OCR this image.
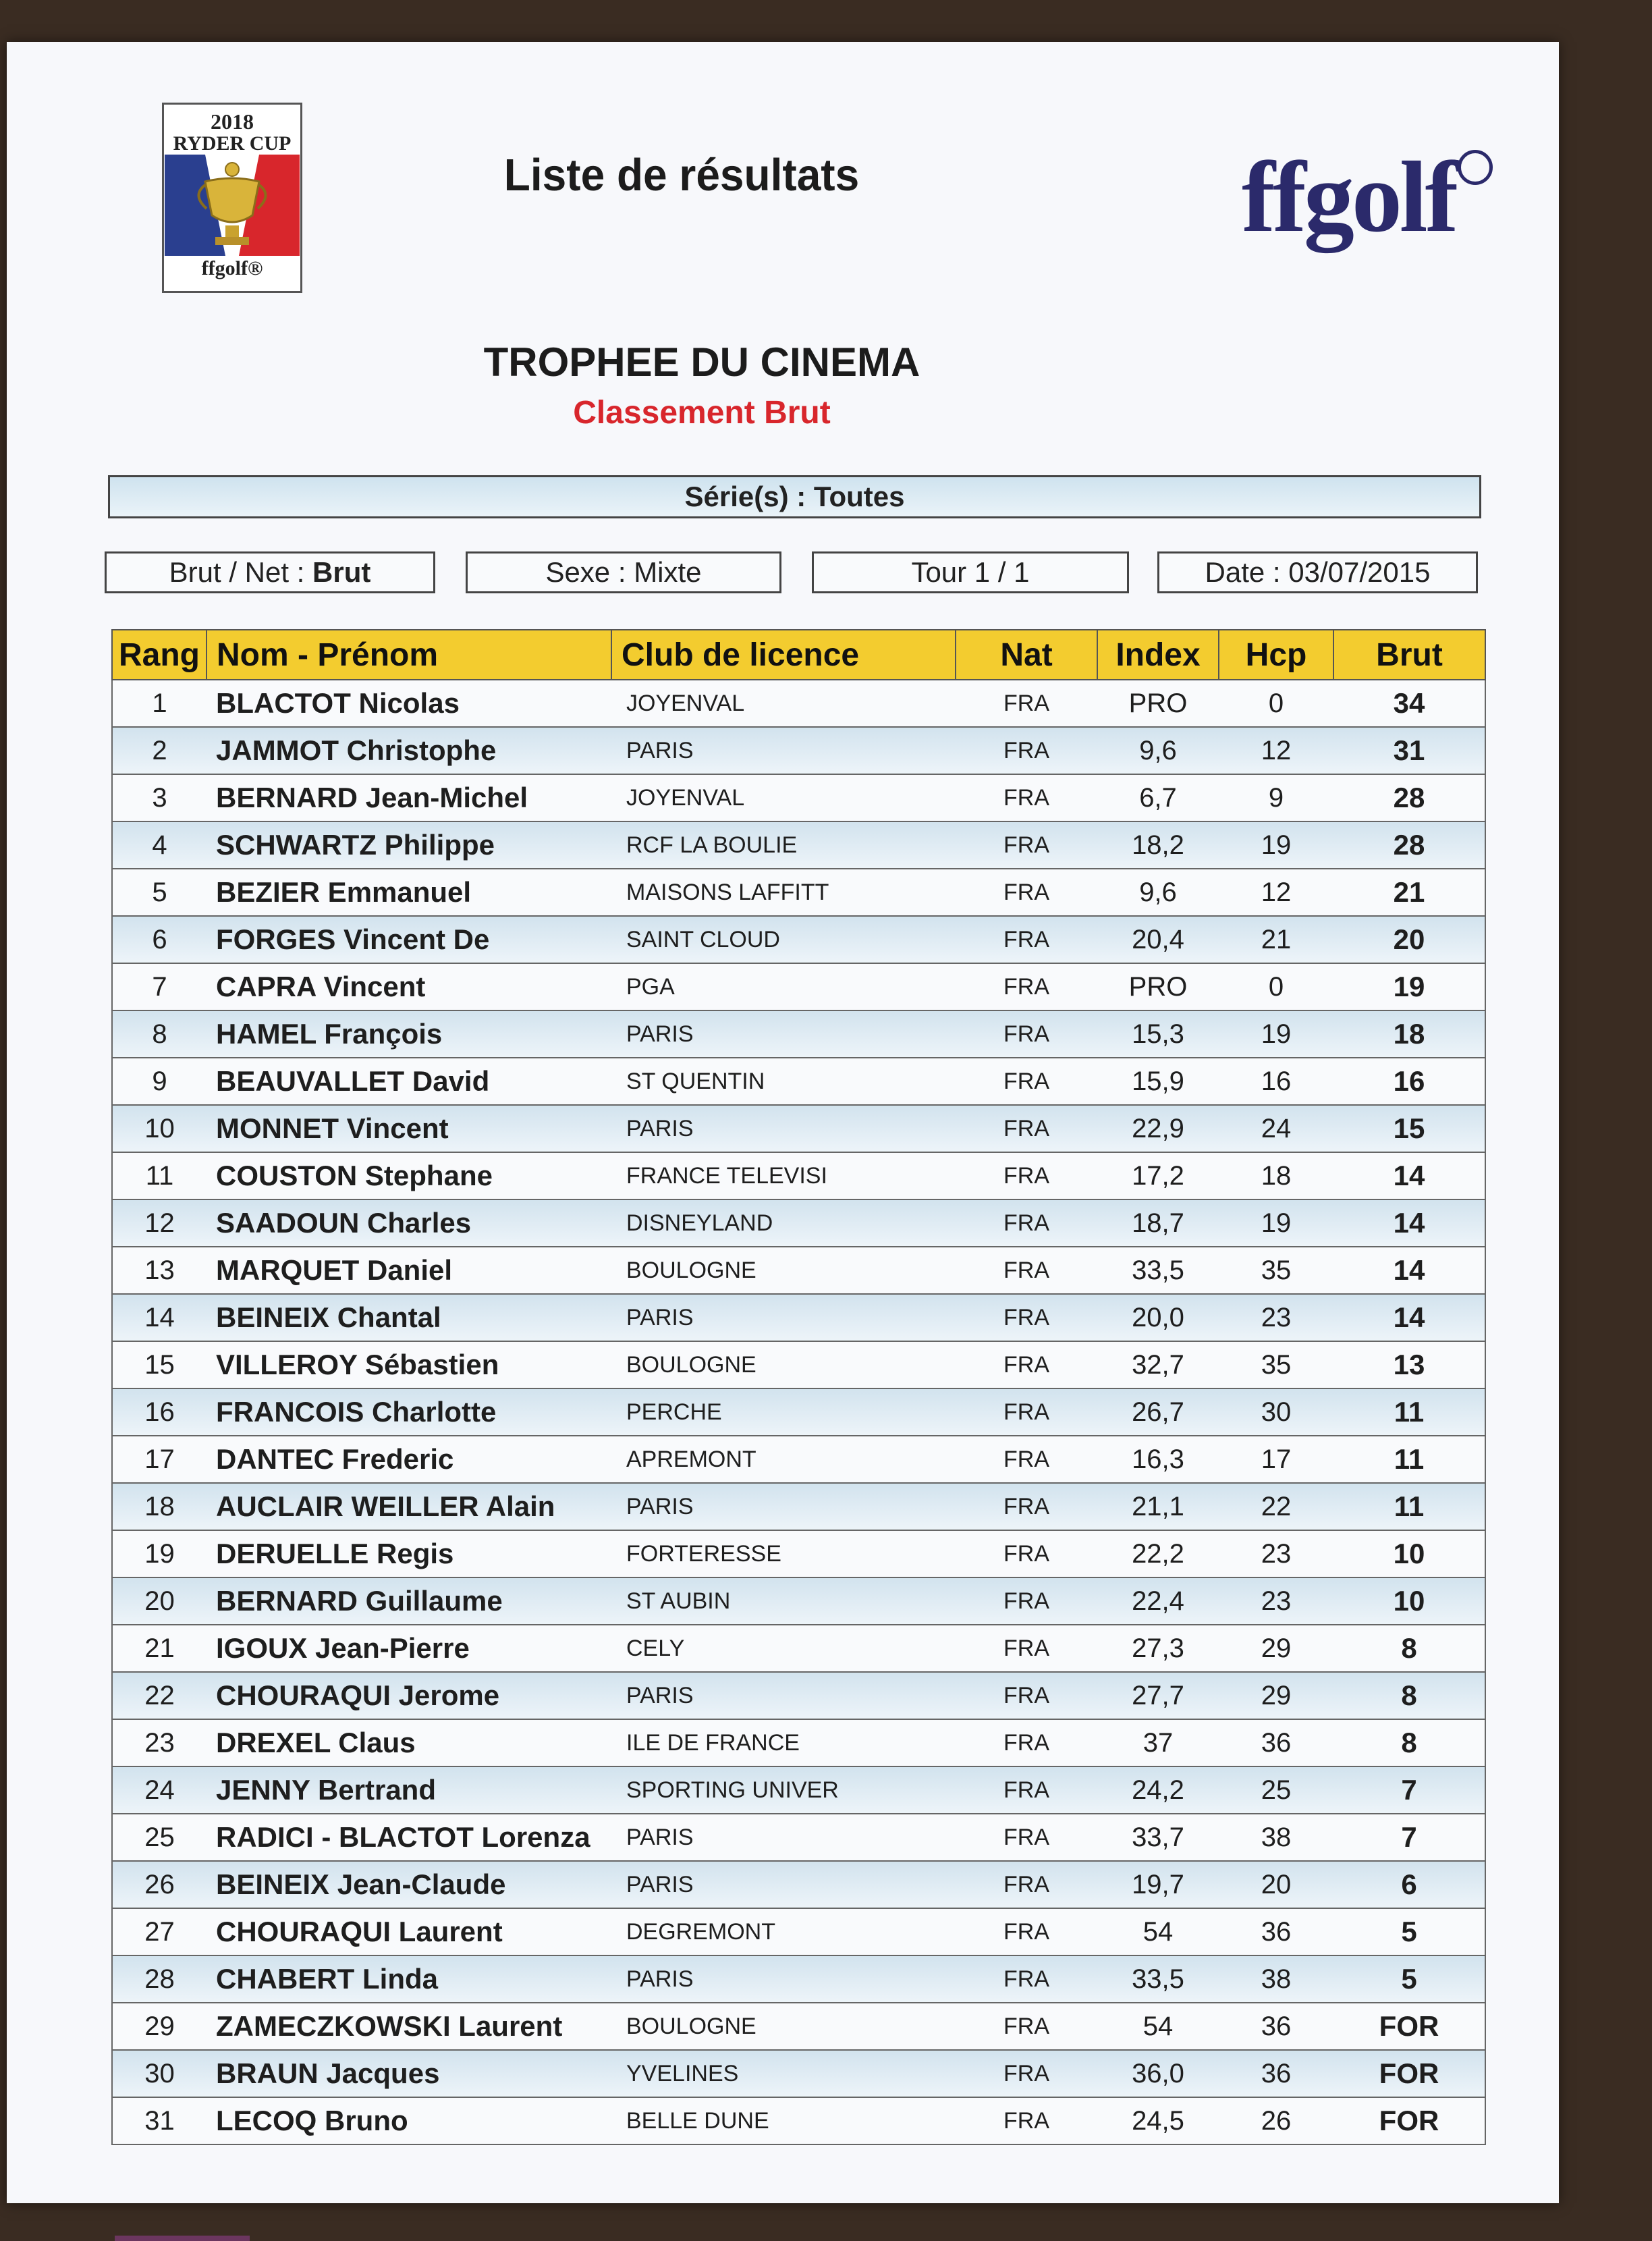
2018
RYDER CUP
ffgolf®
Liste de résultats	ffgolf
TROPHEE DU CINEMA
Classement Brut
Série(s) : Toutes
Brut / Net : Brut	Sexe : Mixte	Tour 1 / 1	Date : 03/07/2015
Rang	Nom - Prénom	Club de licence	Nat	Index	Hcp	Brut
1	BLACTOT Nicolas	JOYENVAL	FRA	PRO	0	34
2	JAMMOT Christophe	PARIS	FRA	9,6	12	31
3	BERNARD Jean-Michel	JOYENVAL	FRA	6,7	9	28
4	SCHWARTZ Philippe	RCF LA BOULIE	FRA	18,2	19	28
5	BEZIER Emmanuel	MAISONS LAFFITT	FRA	9,6	12	21
6	FORGES Vincent De	SAINT CLOUD	FRA	20,4	21	20
7	CAPRA Vincent	PGA	FRA	PRO	0	19
8	HAMEL François	PARIS	FRA	15,3	19	18
9	BEAUVALLET David	ST QUENTIN	FRA	15,9	16	16
10	MONNET Vincent	PARIS	FRA	22,9	24	15
11	COUSTON Stephane	FRANCE TELEVISI	FRA	17,2	18	14
12	SAADOUN Charles	DISNEYLAND	FRA	18,7	19	14
13	MARQUET Daniel	BOULOGNE	FRA	33,5	35	14
14	BEINEIX Chantal	PARIS	FRA	20,0	23	14
15	VILLEROY Sébastien	BOULOGNE	FRA	32,7	35	13
16	FRANCOIS Charlotte	PERCHE	FRA	26,7	30	11
17	DANTEC Frederic	APREMONT	FRA	16,3	17	11
18	AUCLAIR WEILLER Alain	PARIS	FRA	21,1	22	11
19	DERUELLE Regis	FORTERESSE	FRA	22,2	23	10
20	BERNARD Guillaume	ST AUBIN	FRA	22,4	23	10
21	IGOUX Jean-Pierre	CELY	FRA	27,3	29	8
22	CHOURAQUI Jerome	PARIS	FRA	27,7	29	8
23	DREXEL Claus	ILE DE FRANCE	FRA	37	36	8
24	JENNY Bertrand	SPORTING UNIVER	FRA	24,2	25	7
25	RADICI - BLACTOT Lorenza	PARIS	FRA	33,7	38	7
26	BEINEIX Jean-Claude	PARIS	FRA	19,7	20	6
27	CHOURAQUI Laurent	DEGREMONT	FRA	54	36	5
28	CHABERT Linda	PARIS	FRA	33,5	38	5
29	ZAMECZKOWSKI Laurent	BOULOGNE	FRA	54	36	FOR
30	BRAUN Jacques	YVELINES	FRA	36,0	36	FOR
31	LECOQ Bruno	BELLE DUNE	FRA	24,5	26	FOR
